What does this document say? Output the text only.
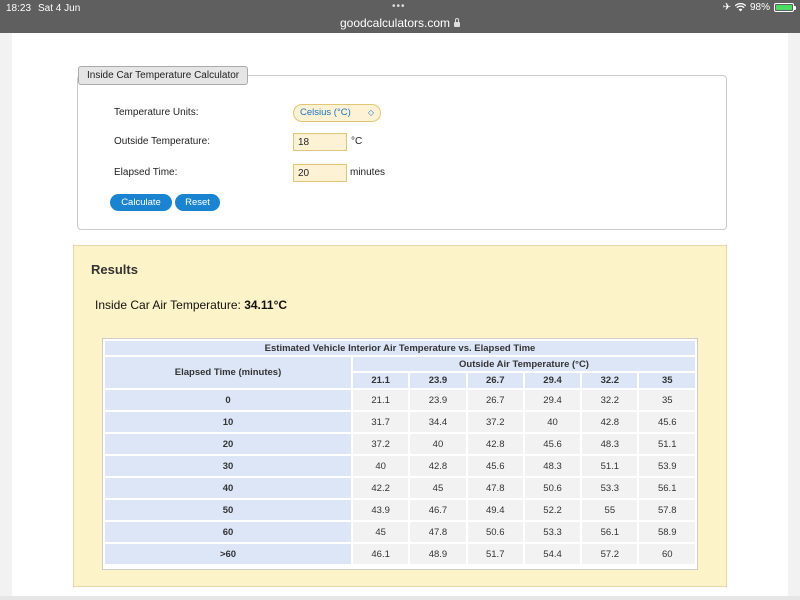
18:23 Sat 4 Jun	•••
goodcalculators.com
✈ 98%
Inside Car Temperature Calculator
Temperature Units:	Celsius (°C) ◇
Outside Temperature:
18	°C
Elapsed Time:
20	minutes
Calculate	Reset
Results
Inside Car Air Temperature: 34.11°C
Estimated Vehicle Interior Air Temperature vs. Elapsed Time						
Elapsed Time (minutes)	Outside Air Temperature (°C)					
	21.1	23.9	26.7	29.4	32.2	35
0	21.1	23.9	26.7	29.4	32.2	35
10	31.7	34.4	37.2	40	42.8	45.6
20	37.2	40	42.8	45.6	48.3	51.1
30	40	42.8	45.6	48.3	51.1	53.9
40	42.2	45	47.8	50.6	53.3	56.1
50	43.9	46.7	49.4	52.2	55	57.8
60	45	47.8	50.6	53.3	56.1	58.9
>60	46.1	48.9	51.7	54.4	57.2	60
